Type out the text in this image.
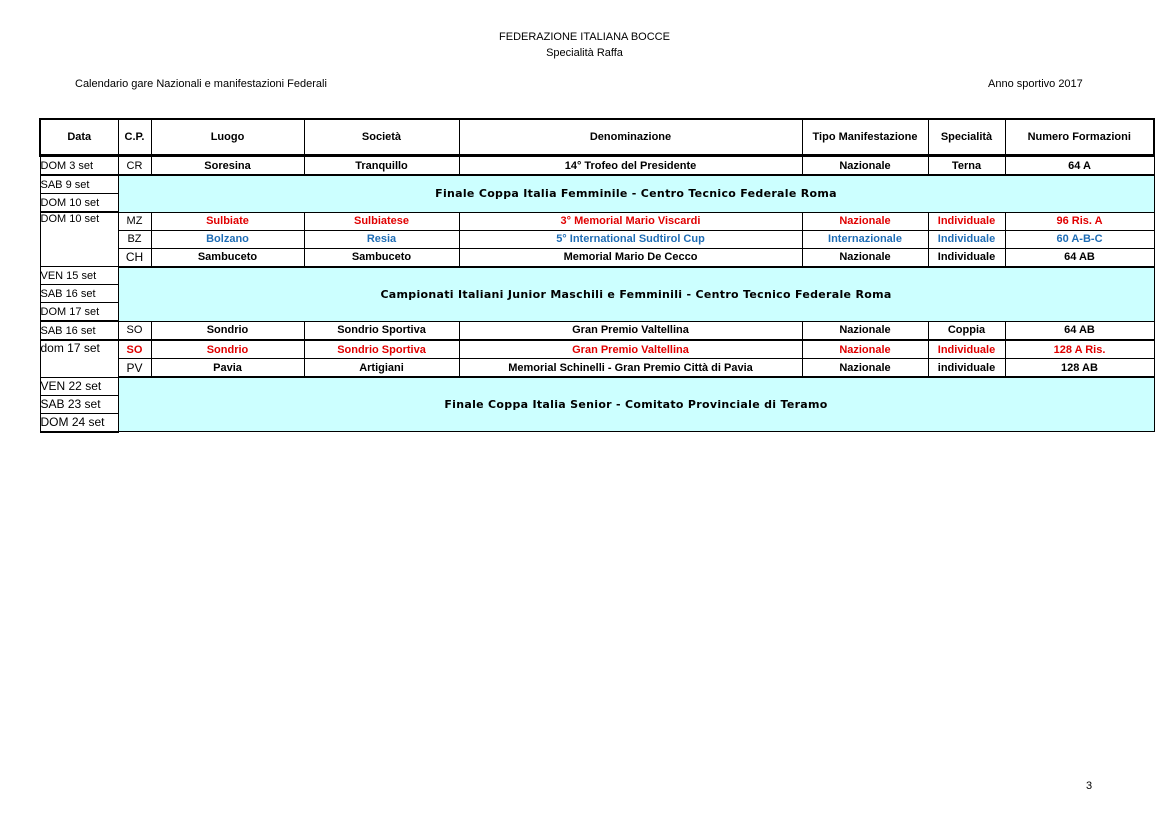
FEDERAZIONE ITALIANA BOCCE
Specialità Raffa
Calendario gare Nazionali e manifestazioni Federali	Anno sportivo 2017
Data	C.P.	Luogo	Società	Denominazione	Tipo Manifestazione	Specialità	Numero Formazioni
DOM 3 set	CR	Soresina	Tranquillo	14° Trofeo del Presidente	Nazionale	Terna	64 A
SAB 9 set	Finale Coppa Italia Femminile - Centro Tecnico Federale Roma						
DOM 10 set							
DOM 10 set	MZ	Sulbiate	Sulbiatese	3° Memorial Mario Viscardi	Nazionale	Individuale	96 Ris. A
	BZ	Bolzano	Resia	5° International Sudtirol Cup	Internazionale	Individuale	60 A-B-C
	CH	Sambuceto	Sambuceto	Memorial Mario De Cecco	Nazionale	Individuale	64 AB
VEN 15 set	Campionati Italiani Junior Maschili e Femminili - Centro Tecnico Federale Roma						
SAB 16 set							
DOM 17 set							
SAB 16 set	SO	Sondrio	Sondrio Sportiva	Gran Premio Valtellina	Nazionale	Coppia	64 AB
dom 17 set	SO	Sondrio	Sondrio Sportiva	Gran Premio Valtellina	Nazionale	Individuale	128 A Ris.
	PV	Pavia	Artigiani	Memorial Schinelli - Gran Premio Città di Pavia	Nazionale	individuale	128 AB
VEN 22 set	Finale Coppa Italia Senior - Comitato Provinciale di Teramo						
SAB 23 set							
DOM 24 set							
3
